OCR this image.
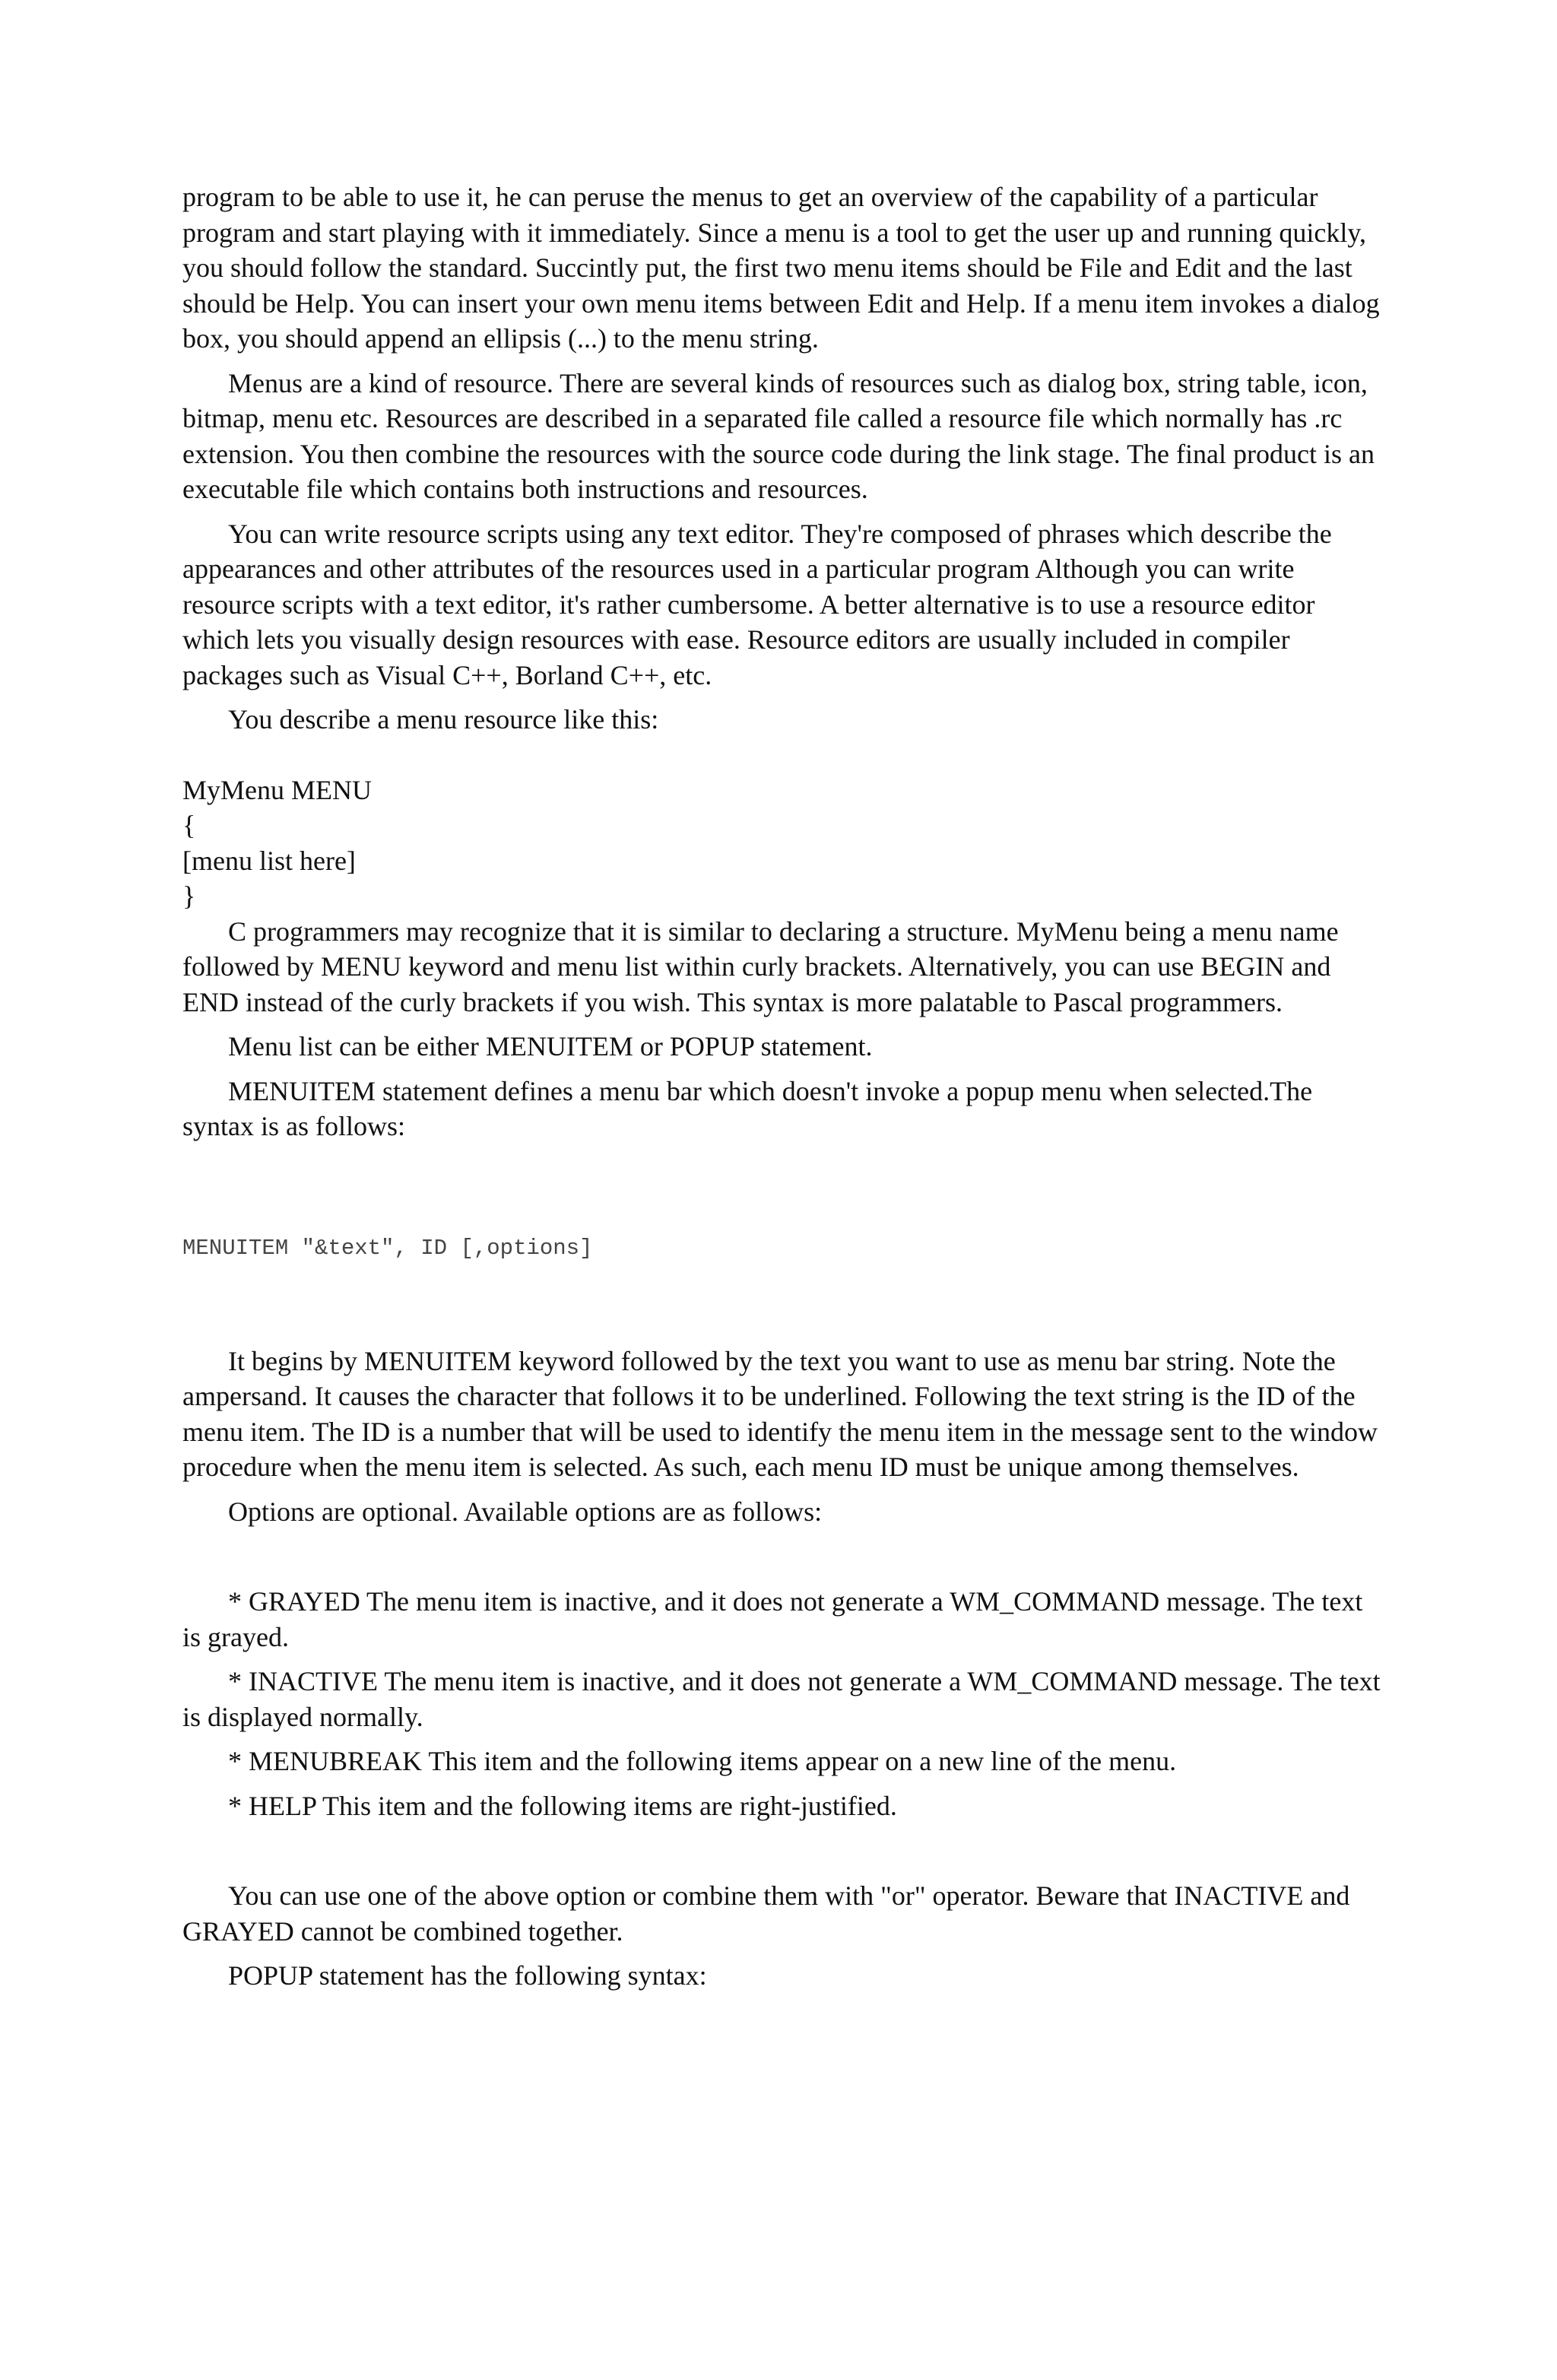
program to be able to use it, he can peruse the menus to get an overview of the capability of a particular program and start playing with it immediately. Since a menu is a tool to get the user up and running quickly, you should follow the standard. Succintly put, the first two menu items should be File and Edit and the last should be Help. You can insert your own menu items between Edit and Help. If a menu item invokes a dialog box, you should append an ellipsis (...) to the menu string.

Menus are a kind of resource. There are several kinds of resources such as dialog box, string table, icon, bitmap, menu etc. Resources are described in a separated file called a resource file which normally has .rc extension. You then combine the resources with the source code during the link stage. The final product is an executable file which contains both instructions and resources.

You can write resource scripts using any text editor. They're composed of phrases which describe the appearances and other attributes of the resources used in a particular program Although you can write resource scripts with a text editor, it's rather cumbersome. A better alternative is to use a resource editor which lets you visually design resources with ease. Resource editors are usually included in compiler packages such as Visual C++, Borland C++, etc.

You describe a menu resource like this:

MyMenu MENU
{
[menu list here]
}

C programmers may recognize that it is similar to declaring a structure. MyMenu being a menu name followed by MENU keyword and menu list within curly brackets. Alternatively, you can use BEGIN and END instead of the curly brackets if you wish. This syntax is more palatable to Pascal programmers.

Menu list can be either MENUITEM or POPUP statement.

MENUITEM statement defines a menu bar which doesn't invoke a popup menu when selected.The syntax is as follows:

MENUITEM "&text", ID [,options]

It begins by MENUITEM keyword followed by the text you want to use as menu bar string. Note the ampersand. It causes the character that follows it to be underlined. Following the text string is the ID of the menu item. The ID is a number that will be used to identify the menu item in the message sent to the window procedure when the menu item is selected. As such, each menu ID must be unique among themselves.

Options are optional. Available options are as follows:

* GRAYED The menu item is inactive, and it does not generate a WM_COMMAND message. The text is grayed.

* INACTIVE The menu item is inactive, and it does not generate a WM_COMMAND message. The text is displayed normally.

* MENUBREAK This item and the following items appear on a new line of the menu.

* HELP This item and the following items are right-justified.

You can use one of the above option or combine them with "or" operator. Beware that INACTIVE and GRAYED cannot be combined together.

POPUP statement has the following syntax:
